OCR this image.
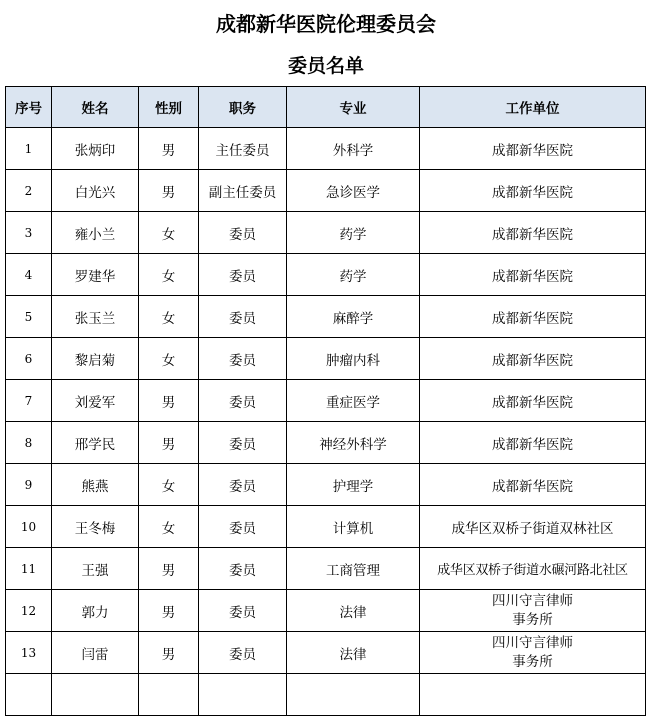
成都新华医院伦理委员会
委员名单
序号	姓名	性别	职务	专业	工作单位
1	张炳印	男	主任委员	外科学	成都新华医院
2	白光兴	男	副主任委员	急诊医学	成都新华医院
3	雍小兰	女	委员	药学	成都新华医院
4	罗建华	女	委员	药学	成都新华医院
5	张玉兰	女	委员	麻醉学	成都新华医院
6	黎启菊	女	委员	肿瘤内科	成都新华医院
7	刘爱军	男	委员	重症医学	成都新华医院
8	邢学民	男	委员	神经外科学	成都新华医院
9	熊燕	女	委员	护理学	成都新华医院
10	王冬梅	女	委员	计算机	成华区双桥子街道双林社区
11	王强	男	委员	工商管理	成华区双桥子街道水碾河路北社区
12	郭力	男	委员	法律	四川守言律师
事务所

13	闫雷	男	委员	法律	四川守言律师
事务所
